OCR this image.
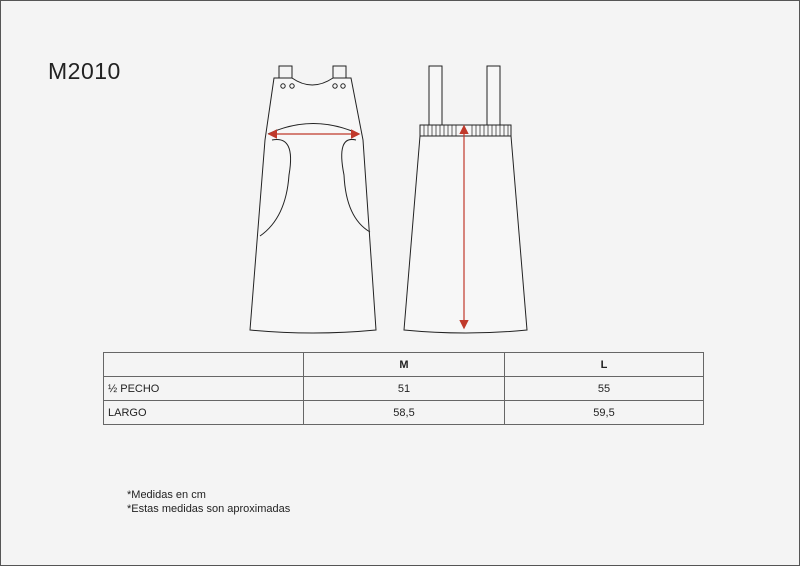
M2010
	M	L
½ PECHO	51	55
LARGO	58,5	59,5
*Medidas en cm
*Estas medidas son aproximadas
